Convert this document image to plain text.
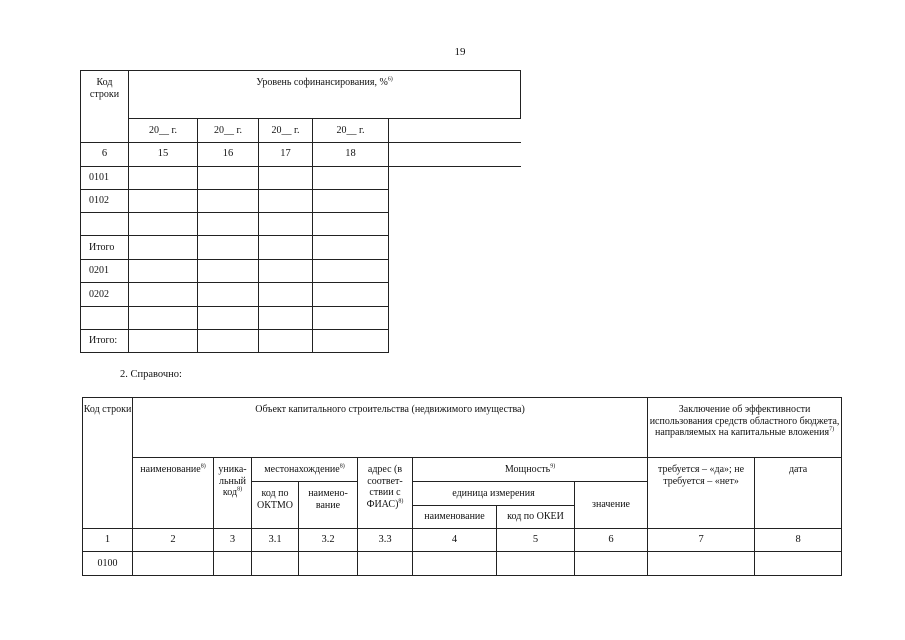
19
Код строки	Уровень софинансирования, %$^{6)}$
	20__ г.	20__ г.	20__ г.	20__ г.	
6	15	16	17	18	
0101					
0102					

Итого					
0201					
0202					

Итого:					
2. Справочно:
Код строки	Объект капитального строительства (недвижимого имущества)								Заключение об эффективности использования средств областного бюджета, направляемых на капитальные вложения$^{7)}$
	наименование$^{8)}$	уника-льный код$^{8)}$	местонахождение$^{8)}$		адрес (в соответ-ствии с ФИАС)$^{8)}$	Мощность$^{9)}$			требуется – «да»; не требуется – «нет»	дата
			код по ОКТМО	наимено-вание		единица измерения		значение		
						наименование	код по ОКЕИ			
1	2	3	3.1	3.2	3.3	4	5	6	7	8
0100										
